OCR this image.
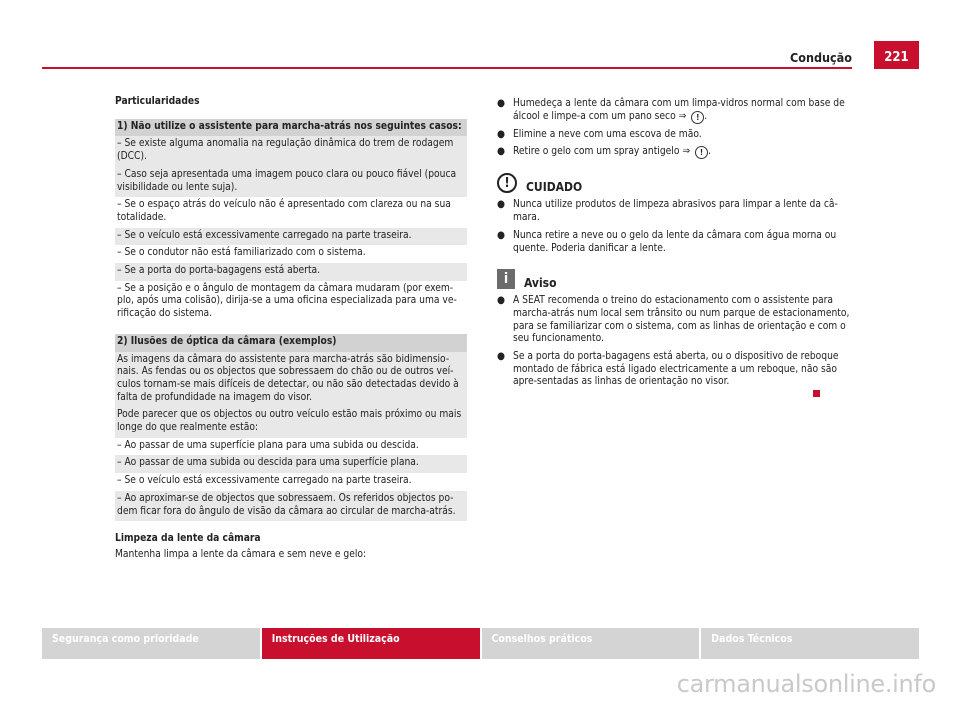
Condução	221
Particularidades
1) Não utilize o assistente para marcha-atrás nos seguintes casos:
– Se existe alguma anomalia na regulação dinâmica do trem de rodagem (DCC).
– Caso seja apresentada uma imagem pouco clara ou pouco fiável (pouca visibilidade ou lente suja).
– Se o espaço atrás do veículo não é apresentado com clareza ou na sua totalidade.
– Se o veículo está excessivamente carregado na parte traseira.
– Se o condutor não está familiarizado com o sistema.
– Se a porta do porta-bagagens está aberta.
– Se a posição e o ângulo de montagem da câmara mudaram (por exem-plo, após uma colisão), dirija-se a uma oficina especializada para uma ve-rificação do sistema.
2) Ilusões de óptica da câmara (exemplos)
As imagens da câmara do assistente para marcha-atrás são bidimensio-nais. As fendas ou os objectos que sobressaem do chão ou de outros veí-culos tornam-se mais difíceis de detectar, ou não são detectadas devido à falta de profundidade na imagem do visor.
Pode parecer que os objectos ou outro veículo estão mais próximo ou mais longe do que realmente estão:
– Ao passar de uma superfície plana para uma subida ou descida.
– Ao passar de uma subida ou descida para uma superfície plana.
– Se o veículo está excessivamente carregado na parte traseira.
– Ao aproximar-se de objectos que sobressaem. Os referidos objectos po-dem ficar fora do ângulo de visão da câmara ao circular de marcha-atrás.
Limpeza da lente da câmara
Mantenha limpa a lente da câmara e sem neve e gelo:
● Humedeça a lente da câmara com um limpa-vidros normal com base de álcool e limpe-a com um pano seco ⇒ ! .
● Elimine a neve com uma escova de mão.
● Retire o gelo com um spray antigelo ⇒ ! .
!	CUIDADO
● Nunca utilize produtos de limpeza abrasivos para limpar a lente da câ-mara.
● Nunca retire a neve ou o gelo da lente da câmara com água morna ou quente. Poderia danificar a lente.
i	Aviso
● A SEAT recomenda o treino do estacionamento com o assistente para marcha-atrás num local sem trânsito ou num parque de estacionamento, para se familiarizar com o sistema, com as linhas de orientação e com o seu funcionamento.
● Se a porta do porta-bagagens está aberta, ou o dispositivo de reboque montado de fábrica está ligado electricamente a um reboque, não são apre-sentadas as linhas de orientação no visor.
Segurança como prioridade	Instruções de Utilização	Conselhos práticos	Dados Técnicos
carmanualsonline.info
